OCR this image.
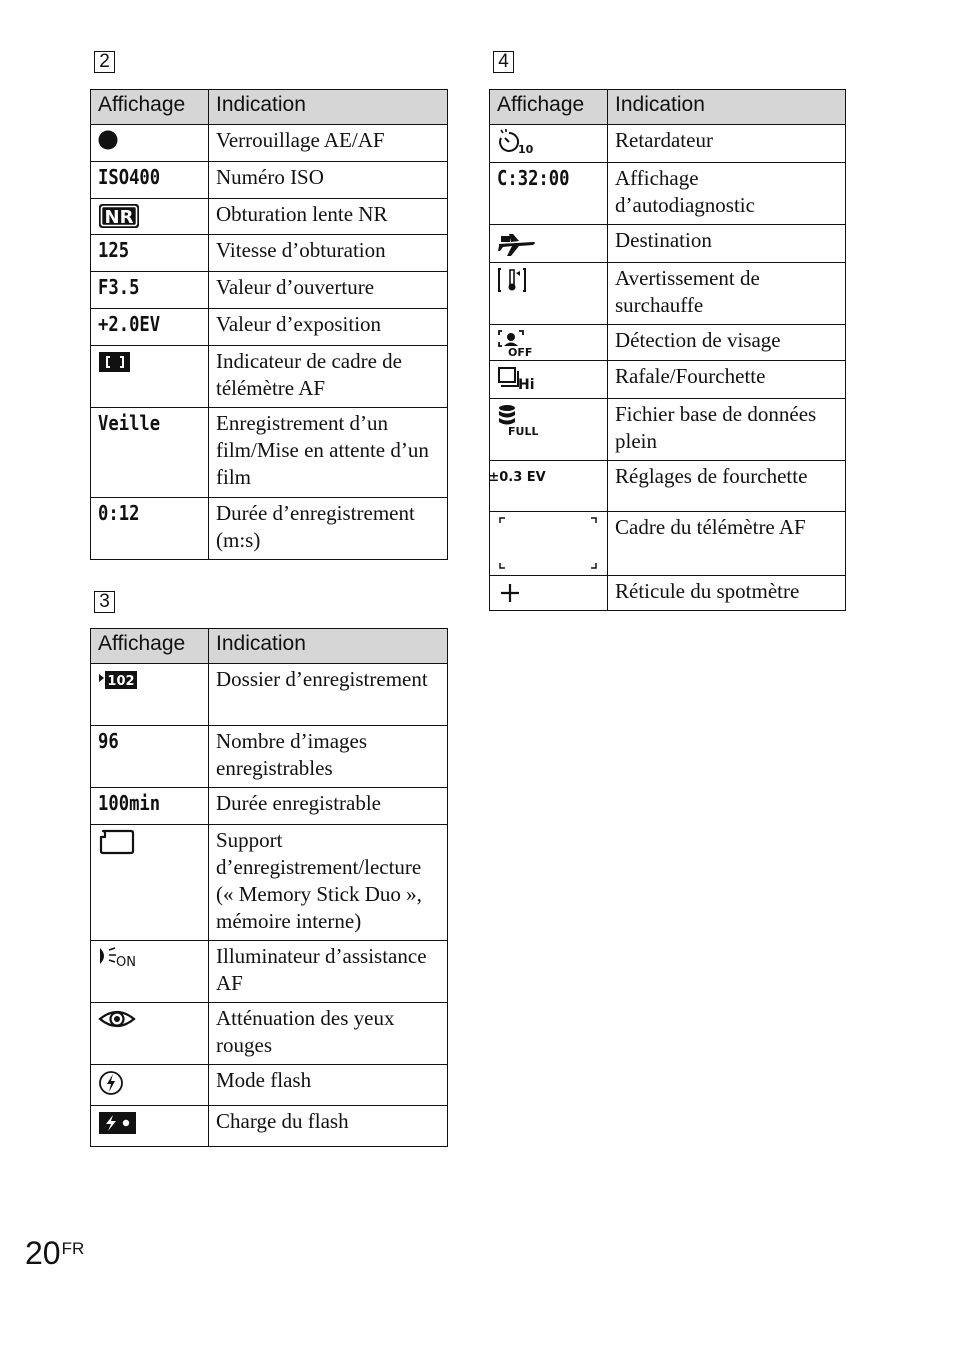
2
Affichage	Indication

	Verrouillage AE/AF
ISO400	Numéro ISO

NR	Obturation lente NR
125	Vitesse d’obturation
F3.5	Valeur d’ouverture
+2.0EV	Valeur d’exposition

	Indicateur de cadre de télémètre AF
Veille	Enregistrement d’un film/Mise en attente d’un film
0:12	Durée d’enregistrement (m:s)
3
Affichage	Indication

102	Dossier d’enregistrement
96	Nombre d’images enregistrables
100min	Durée enregistrable

	Support d’enregistrement/lecture (« Memory Stick Duo », mémoire interne)

ON	Illuminateur d’assistance AF

	Atténuation des yeux rouges

	Mode flash

	Charge du flash
4
Affichage	Indication

10	Retardateur
C:32:00	Affichage d’autodiagnostic

	Destination

	Avertissement de surchauffe

OFF	Détection de visage

Hi	Rafale/Fourchette

FULL	Fichier base de données plein

±0.3 EV	Réglages de fourchette

	Cadre du télémètre AF

	Réticule du spotmètre
$20^{FR}$
